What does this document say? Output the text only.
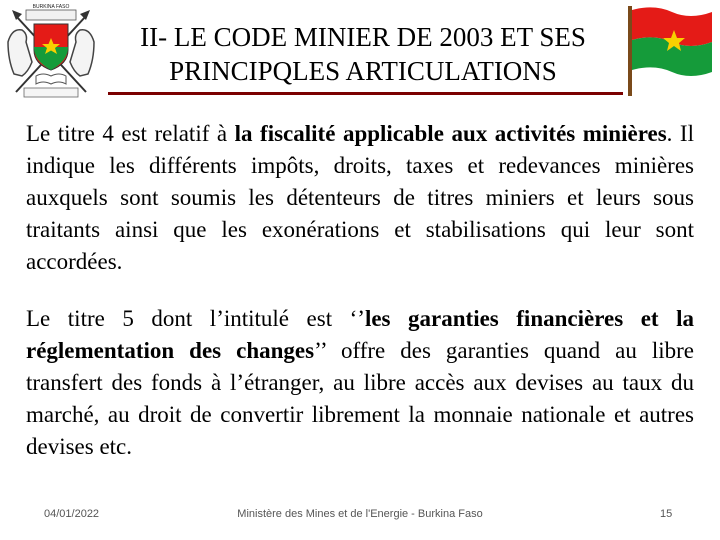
BURKINA FASO
II- LE CODE MINIER DE 2003 ET SES
PRINCIPQLES ARTICULATIONS
Le titre 4 est relatif à la fiscalité applicable aux activités minières. Il indique les différents impôts, droits, taxes et redevances minières auxquels sont soumis les détenteurs de titres miniers et leurs sous traitants ainsi que les exonérations et stabilisations qui leur sont accordées.
Le titre 5 dont l’intitulé est ‘’les garanties financières et la réglementation des changes’’ offre des garanties quand au libre transfert des fonds à l’étranger, au libre accès aux devises au taux du marché, au droit de convertir librement la monnaie nationale et autres devises etc.
04/01/2022	Ministère des Mines et de l'Energie - Burkina Faso	15
